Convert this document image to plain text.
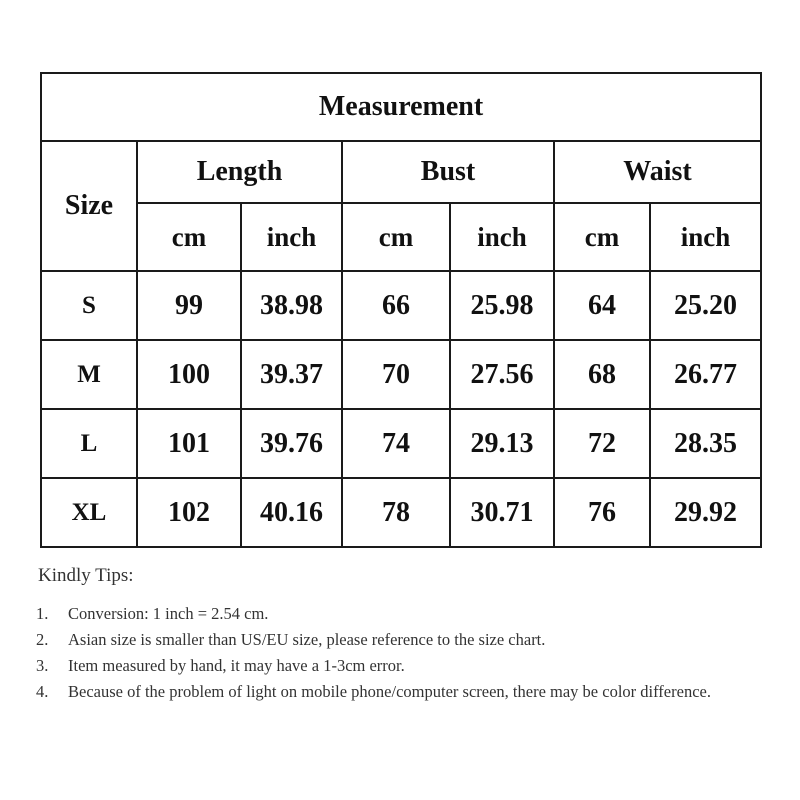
Measurement						
Size	Length		Bust		Waist	
	cm	inch	cm	inch	cm	inch
S	99	38.98	66	25.98	64	25.20
M	100	39.37	70	27.56	68	26.77
L	101	39.76	74	29.13	72	28.35
XL	102	40.16	78	30.71	76	29.92
Kindly Tips:
1.	Conversion: 1 inch = 2.54 cm.
2.	Asian size is smaller than US/EU size, please reference to the size chart.
3.	Item measured by hand, it may have a 1-3cm error.
4.	Because of the problem of light on mobile phone/computer screen, there may be color difference.
